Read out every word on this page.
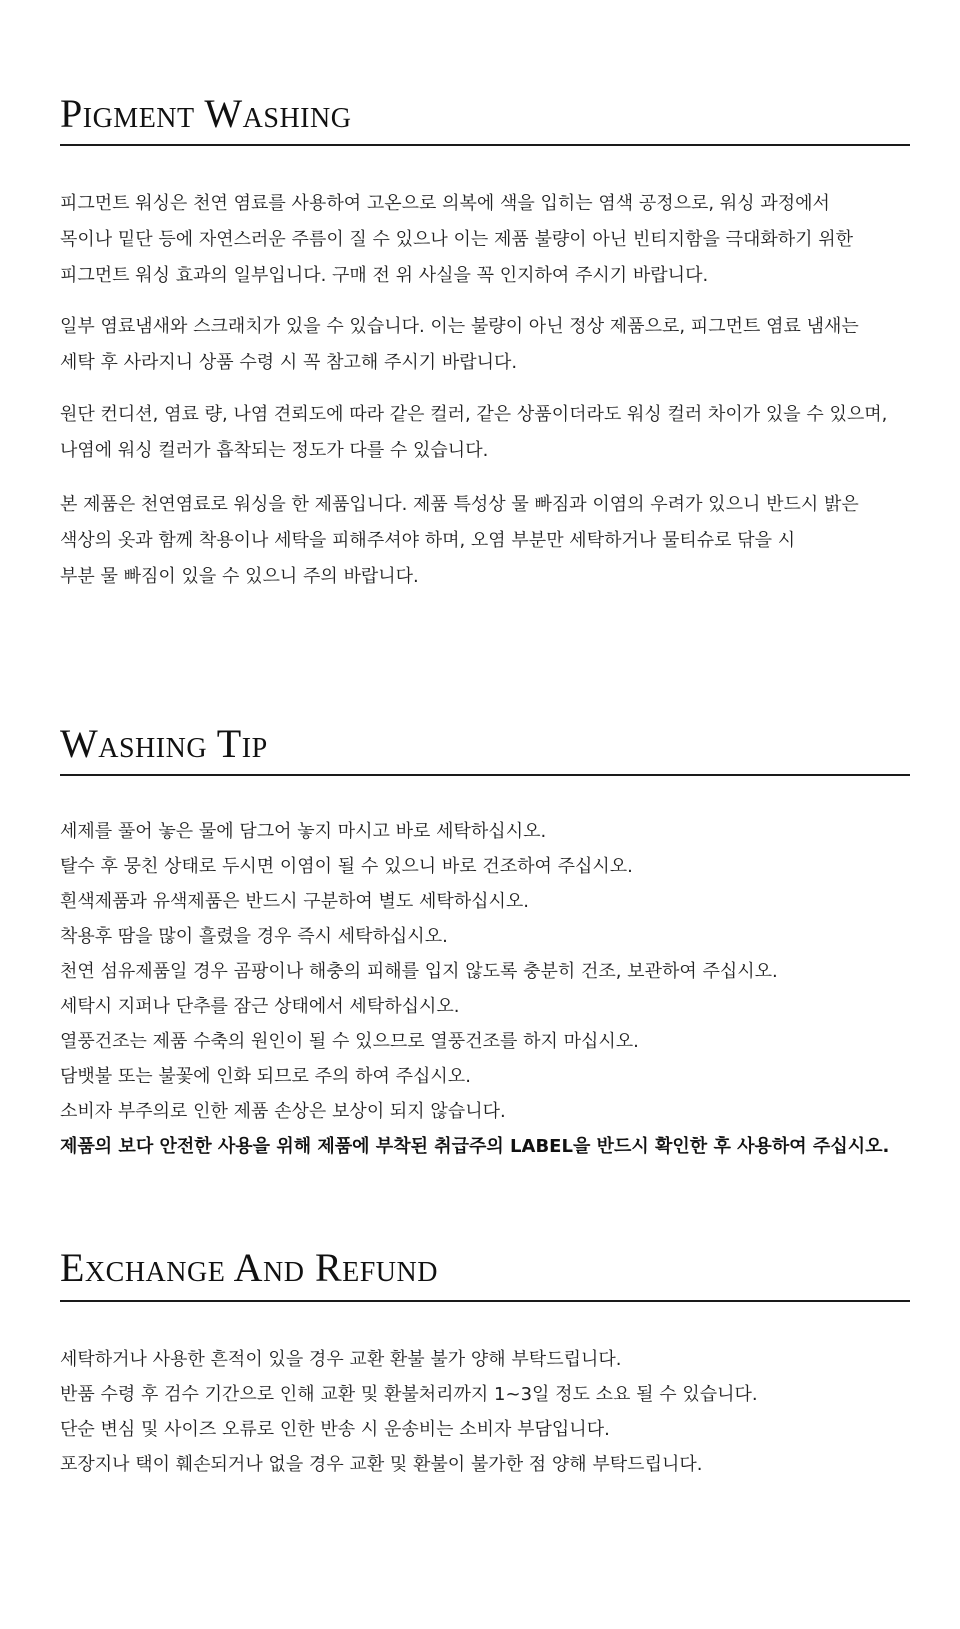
Pigment Washing

피그먼트 워싱은 천연 염료를 사용하여 고온으로 의복에 색을 입히는 염색 공정으로, 워싱 과정에서
목이나 밑단 등에 자연스러운 주름이 질 수 있으나 이는 제품 불량이 아닌 빈티지함을 극대화하기 위한
피그먼트 워싱 효과의 일부입니다. 구매 전 위 사실을 꼭 인지하여 주시기 바랍니다.

일부 염료냄새와 스크래치가 있을 수 있습니다. 이는 불량이 아닌 정상 제품으로, 피그먼트 염료 냄새는
세탁 후 사라지니 상품 수령 시 꼭 참고해 주시기 바랍니다.

원단 컨디션, 염료 량, 나염 견뢰도에 따라 같은 컬러, 같은 상품이더라도 워싱 컬러 차이가 있을 수 있으며,
나염에 워싱 컬러가 흡착되는 정도가 다를 수 있습니다.

본 제품은 천연염료로 워싱을 한 제품입니다. 제품 특성상 물 빠짐과 이염의 우려가 있으니 반드시 밝은
색상의 옷과 함께 착용이나 세탁을 피해주셔야 하며, 오염 부분만 세탁하거나 물티슈로 닦을 시
부분 물 빠짐이 있을 수 있으니 주의 바랍니다.

Washing Tip

세제를 풀어 놓은 물에 담그어 놓지 마시고 바로 세탁하십시오.

탈수 후 뭉친 상태로 두시면 이염이 될 수 있으니 바로 건조하여 주십시오.

흰색제품과 유색제품은 반드시 구분하여 별도 세탁하십시오.

착용후 땀을 많이 흘렸을 경우 즉시 세탁하십시오.

천연 섬유제품일 경우 곰팡이나 해충의 피해를 입지 않도록 충분히 건조, 보관하여 주십시오.

세탁시 지퍼나 단추를 잠근 상태에서 세탁하십시오.

열풍건조는 제품 수축의 원인이 될 수 있으므로 열풍건조를 하지 마십시오.

담뱃불 또는 불꽃에 인화 되므로 주의 하여 주십시오.

소비자 부주의로 인한 제품 손상은 보상이 되지 않습니다.

제품의 보다 안전한 사용을 위해 제품에 부착된 취급주의 LABEL을 반드시 확인한 후 사용하여 주십시오.

Exchange And Refund

세탁하거나 사용한 흔적이 있을 경우 교환 환불 불가 양해 부탁드립니다.

반품 수령 후 검수 기간으로 인해 교환 및 환불처리까지 1~3일 정도 소요 될 수 있습니다.

단순 변심 및 사이즈 오류로 인한 반송 시 운송비는 소비자 부담입니다.

포장지나 택이 훼손되거나 없을 경우 교환 및 환불이 불가한 점 양해 부탁드립니다.
